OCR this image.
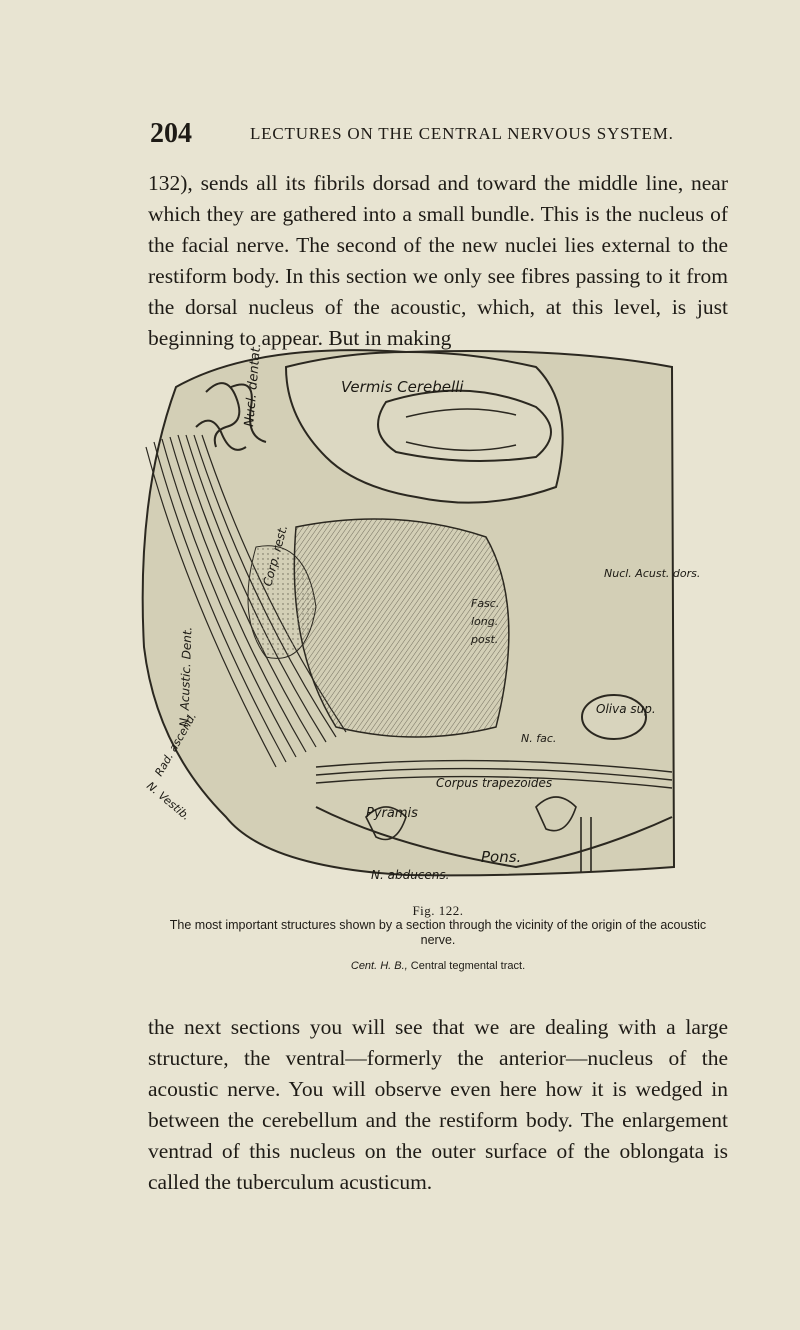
204	LECTURES ON THE CENTRAL NERVOUS SYSTEM.

132), sends all its fibrils dorsad and toward the middle line, near which they are gathered into a small bundle. This is the nucleus of the facial nerve. The second of the new nuclei lies external to the restiform body. In this section we only see fibres passing to it from the dorsal nucleus of the acoustic, which, at this level, is just beginning to appear. But in making

Vermis Cerebelli
Nucl. dentat.
Corp. rest.
N. Acustic. Dent.
Rad. ascend.
N. Vestib.
Nucl. Acust. dors.
Fasc.
long.
post.
Oliva sup.
N. fac.
Corpus trapezoides
Pyramis
Pons.
N. abducens.
Fig. 122.
The most important structures shown by a section through the vicinity of the origin of the acoustic nerve.
Cent. H. B., Central tegmental tract.

the next sections you will see that we are dealing with a large structure, the ventral—formerly the anterior—nucleus of the acoustic nerve. You will observe even here how it is wedged in between the cerebellum and the restiform body. The enlargement ventrad of this nucleus on the outer surface of the oblongata is called the tuberculum acusticum.
